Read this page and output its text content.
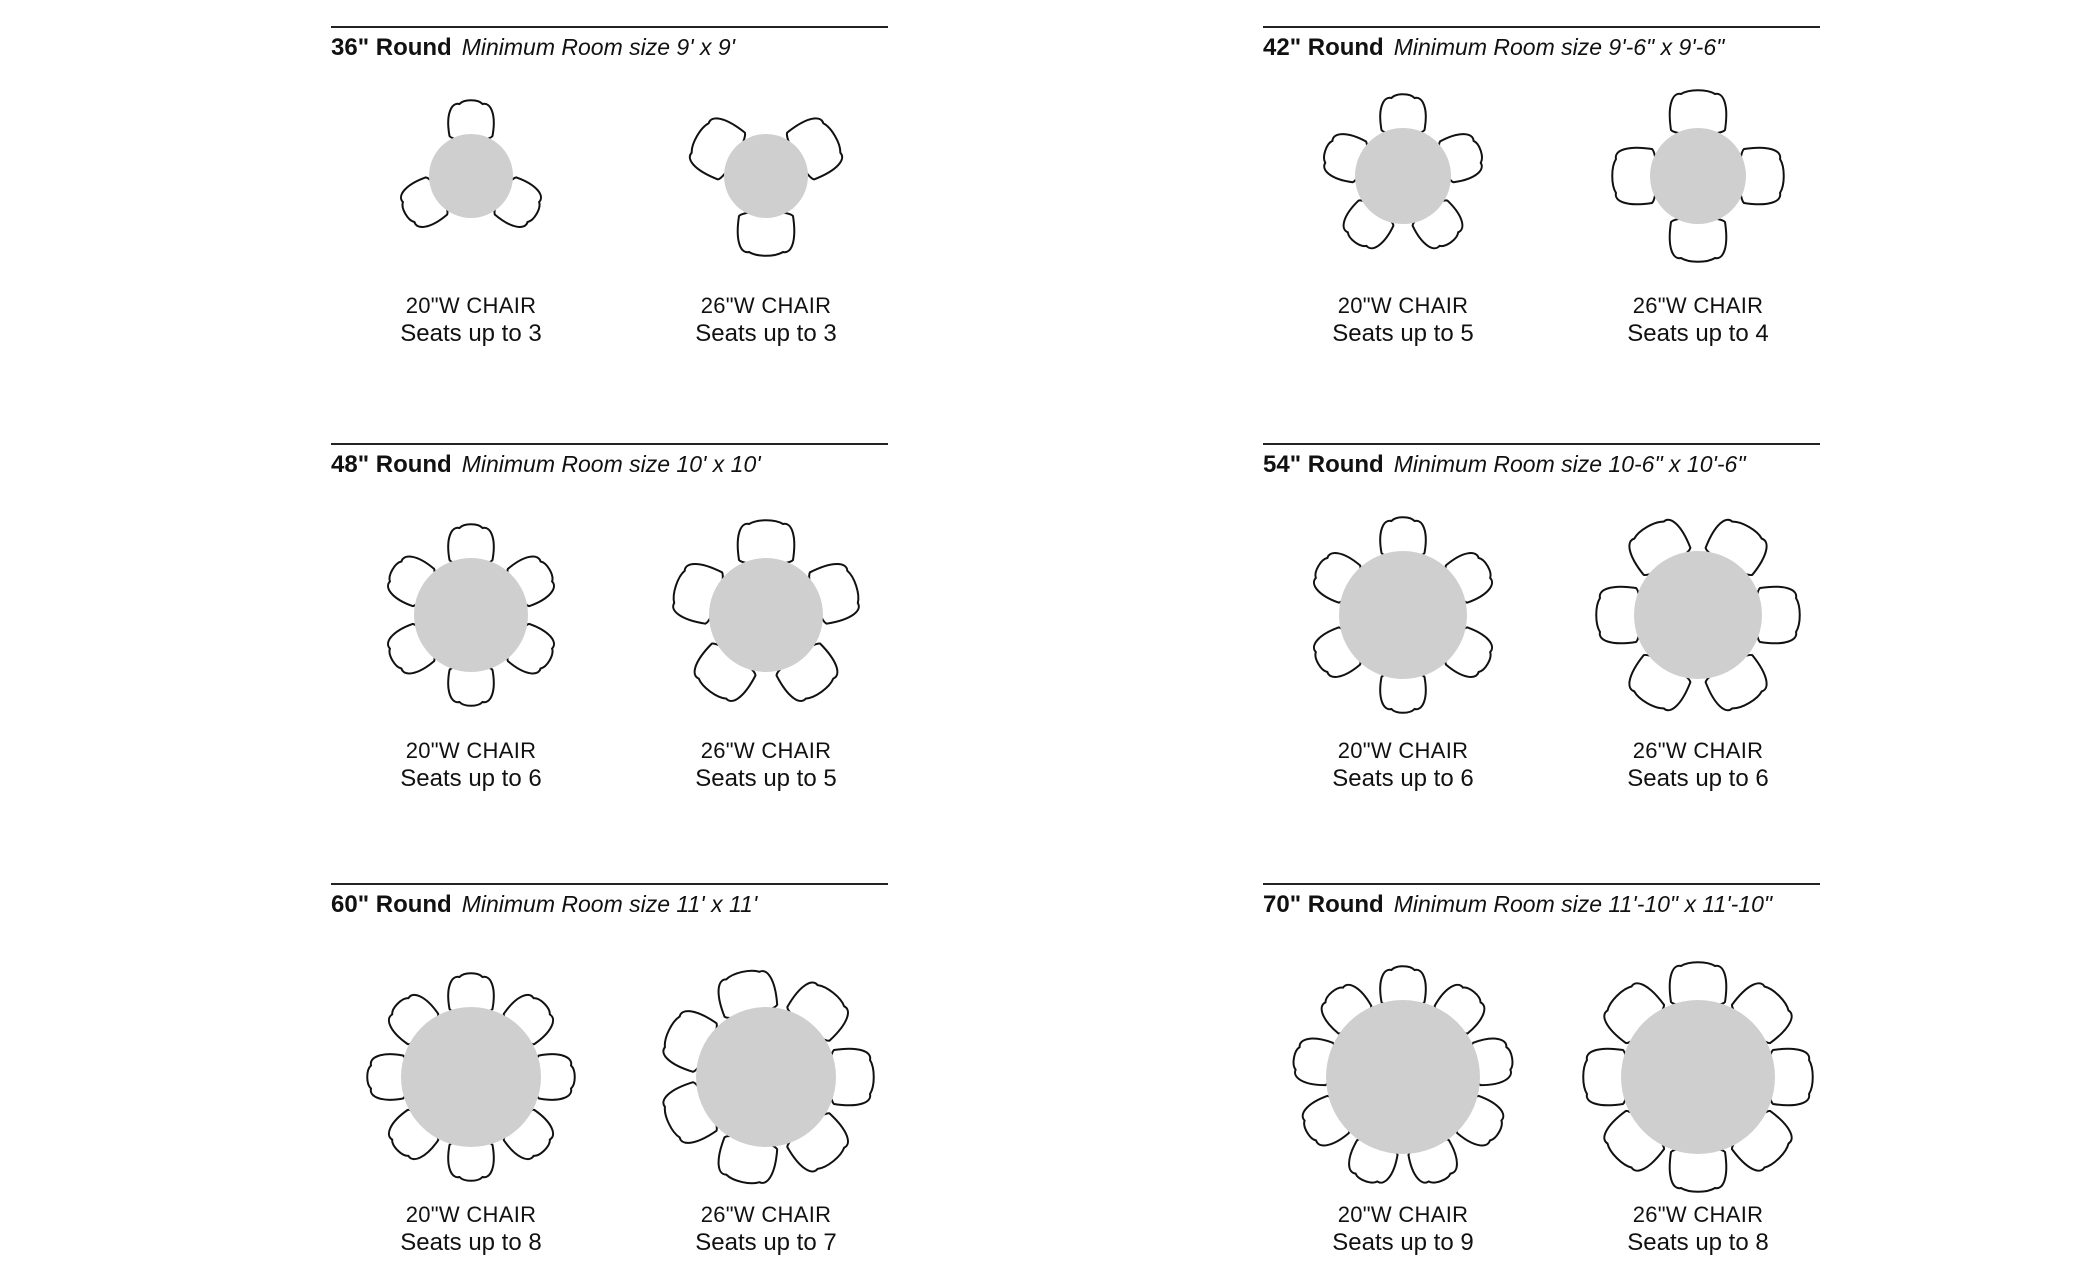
36" Round Minimum Room size 9' x 9'
20"W CHAIR
Seats up to 3
26"W CHAIR
Seats up to 3
42" Round Minimum Room size 9'-6" x 9'-6"
20"W CHAIR
Seats up to 5
26"W CHAIR
Seats up to 4
48" Round Minimum Room size 10' x 10'
20"W CHAIR
Seats up to 6
26"W CHAIR
Seats up to 5
54" Round Minimum Room size 10-6" x 10'-6"
20"W CHAIR
Seats up to 6
26"W CHAIR
Seats up to 6
60" Round Minimum Room size 11' x 11'
20"W CHAIR
Seats up to 8
26"W CHAIR
Seats up to 7
70" Round Minimum Room size 11'-10" x 11'-10"
20"W CHAIR
Seats up to 9
26"W CHAIR
Seats up to 8
